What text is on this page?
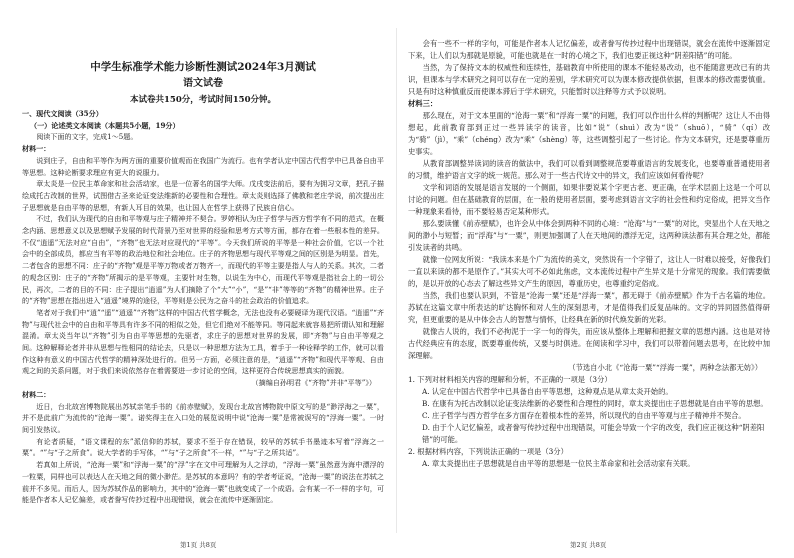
中学生标准学术能力诊断性测试2024年3月测试
语文试卷
本试卷共150分，考试时间150分钟。
一、现代文阅读（35分）
（一）论述类文本阅读（本题共5小题，19分）

阅读下面的文字，完成1～5题。

材料一：

说到庄子，自由和平等作为两方面的重要价值观而在我国广为流行。也有学者认定中国古代哲学中已具备自由平等思想。这种论断要求理应有更大的说服力。

章太炎是一位民主革命家和社会活动家，也是一位著名的国学大师。戊戌变法前后，要有为拥习文章，把孔子描绘成托古改制的世界，试图借古圣来论证变法维新的必要性和合理性。章太炎则选择了佛教和老庄学说，前次提出庄子思想就是自由平等的思想，有新人耳目的效果，也让国人在哲学上获得了民族自信心。

不过，我们认为现代的自由和平等观与庄子精神并不契合。罗婷相认为庄子哲学与西方哲学有不同的范式，在概念内涵、思想意义以及思想赋予发展的时代背景乃至对世界的经验和思考方式等方面，都存在着一些根本性的差异。不仅“逍遥”无法对应“自由”，“齐物”也无法对应现代的“平等”。今天我们所说的平等是一种社会价值，它以一个社会中的全部成员，都应当有平等的政治地位和社会地位。庄子的齐物思想与现代平等观之间的区别是为明显。首先，二者包含的思想不同：庄子的“齐物”观是平等万物或者万物齐一，而现代的平等主要是指人与人的关系。其次，二者的观念区别：庄子的“齐物”所揭示的是平等观，主要针对生物，以说生为中心，而现代平等观是指社会上的一切公民，再次，二者的目的不同：庄子提出“逍遥”为人们摘除了个“大”“小”，“是”“非”等等的“齐物”的精神世界。庄子的“齐物”思想在指出进入“逍遥”境界的途径，平等则是公民为之奋斗的社会政治的价值追求。

笔者对于我们中“逍”“遥”“逍遥”“齐物”这样的中国古代哲学概念，无法也没有必要硬译为现代汉语。“逍遥”“齐物”与现代社会中的自由和平等具有许多不同的相似之处，但它们绝对不能等同。等同起来就容易把所谓认知和理解混淆。章太炎当年以“齐物”引为自由平等思想的先驱者，求庄子的思想对世界的发展，即“齐物”与自由平等观之间。这种解释论者并非从思想与性相同的结论去，只是以一种思想方法为工具，着手于一种诠释学的工作，就可以看作这种有意义的中国古代哲学的精神深处进行的。但另一方面，必须注意的是，“逍遥”“齐物”和现代平等观、自由观之间的关系问题，对于我们来说依然存在着需要进一步讨论的空间，这样更符合传统思想真实的面貌。

（摘编自孙明君《“齐物”并非“平等”》）
材料二：

近日，台北故宫博物院展出苏轼亲笔手书的《前赤壁赋》，发现台北故宫博物院中原文写的是“渺浮海之一粟”，并不是此前广为流传的“沧海一粟”。诺奖得主在入口处的展览说明中说“沧海一粟”是常被误写的“浮海一粟”。一时间引发热议。

有论者质疑，“语文课程的东”派信仰的苏轼，要求不至于存在错误，较早的苏轼手书墨迹本写着“浮海之一粟”。“”与“子之所食”。说大学者的手写体，“”与“子之所食”不一样，“”与“子之所共适”。

若真如上所说，“沧海一粟”和“浮海一粟”的“浮”字在文中可理解为人之浮动，“浮海一粟”虽然意为海中漂浮的一粒粟，同样也可以表达人在天地之间的微小渺茫。是苏轼的本意吗？有的学者考证说，“沧海一粟”的说法在苏轼之前并不多见。而后人，因为苏轼作品的影响力，其中的“沧海一粟”也就变成了一个成语。会有某一不一样的字句，可能是作者本人记忆偏差，或者誊写传抄过程中出现错误，就会在流传中逐渐固定。

会有一些不一样的字句，可能是作者本人记忆偏差，或者誊写传抄过程中出现错误，就会在流传中逐渐固定下来，让人们以为那就是原貌，可能也就是在一时的心境之下，我们也要正视这种“阴差阳错”的可能。

当然，为了保持文本的权威性和连续性，基础教育中所使用的课本不能轻易改动，也不能随意更改已有的共识，但课本与学术研究之间可以存在一定的差别，学术研究可以为课本修改提供依据，但课本的修改需要慎重。只是有时这种慎重反而使课本滞后于学术研究，只能暂时以注释等方式予以说明。

材料三：

那么现在，对于文本里面的“沧海一粟”和“浮海一粟”的问题，我们可以作出什么样的判断呢？这让人不由得想起，此前教育部到正过一些异读字的读音，比如“说”（shuì）改为“说”（shuō），“骑”（qí）改为“骑”（jì），“乘”（chéng）改为“乘”（shèng）等，这些调整引起了一些讨论。作为文本研究，还是要尊重历史事实。

从教育部调整异读词的读音的做法中，我们可以看到调整规范要尊重语言的发展变化，也要尊重普通使用者的习惯，维护语言文字的统一规范。那么对于一些古代诗文中的异文，我们应该如何看待呢？

文学和词语的发展是语言发展的一个侧面，如果非要说某个字更古老、更正确，在学术层面上这是一个可以讨论的问题。但在基础教育的层面，在一般的使用者层面，要考虑到语言文字的社会性和约定俗成，把异文当作一种现象来看待，而不要轻易否定某种形式。

那么要读懂《前赤壁赋》，也许会从中体会到两种不同的心境：“沧海”与“一粟”的对比，突显出个人在天地之间的渺小与短暂；而“浮海”与“一粟”，则更加强调了人在天地间的漂浮无定，这两种读法都有其合理之处，都能引发读者的共鸣。

就像一位网友所说：“我读本来是个广为流传的美文，突然说有一个字错了，这让人一时难以接受，好像我们一直以来读的都不是原作了。”其实大可不必如此焦虑，文本流传过程中产生异文是十分常见的现象。我们需要做的，是以开放的心态去了解这些异文产生的原因，尊重历史，也尊重约定俗成。

当然，我们也要认识到，不管是“沧海一粟”还是“浮海一粟”，都无碍于《前赤壁赋》作为千古名篇的地位。苏轼在这篇文章中所表达的旷达胸怀和对人生的深刻思考，才是值得我们反复品味的。文字的异同固然值得研究，但更重要的是从中体会古人的智慧与情怀，让经典在新的时代焕发新的光彩。

就像古人说的，我们不必拘泥于一字一句的得失，而应该从整体上理解和把握文章的思想内涵。这也是对待古代经典应有的态度，既要尊重传统，又要与时俱进。在阅读和学习中，我们可以带着问题去思考，在比较中加深理解。

（节选自小北《“沧海一粟”“浮海一粟”，两种念法都无妨》）
1. 下列对材料相关内容的理解和分析，不正确的一项是（3分）
A. 认定在中国古代哲学中已具备自由平等思想，这种观点是从章太炎开始的。
B. 在康有为托古改制以论证变法维新的必要性和合理性的同时，章太炎提出庄子思想就是自由平等的思想。
C. 庄子哲学与西方哲学在多方面存在着根本性的差异，所以现代的自由平等观与庄子精神并不契合。
D. 由于个人记忆偏差，或者誊写传抄过程中出现错误，可能会导致一个字的改变，我们应正视这种“阴差阳错”的可能。
2. 根据材料内容，下列说法正确的一项是（3分）
A. 章太炎提出庄子思想就是自由平等的思想是一位民主革命家和社会活动家有关联。
第1页 共8页	第2页 共8页
